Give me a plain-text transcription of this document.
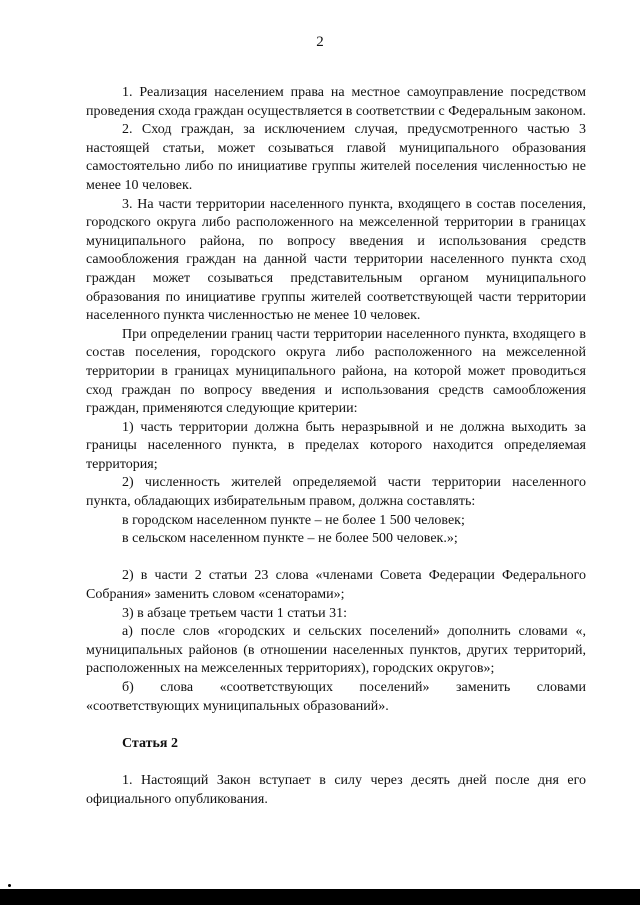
2

1. Реализация населением права на местное самоуправление посредством проведения схода граждан осуществляется в соответствии с Федеральным законом.

2. Сход граждан, за исключением случая, предусмотренного частью 3 настоящей статьи, может созываться главой муниципального образования самостоятельно либо по инициативе группы жителей поселения численностью не менее 10 человек.

3. На части территории населенного пункта, входящего в состав поселения, городского округа либо расположенного на межселенной территории в границах муниципального района, по вопросу введения и использования средств самообложения граждан на данной части территории населенного пункта сход граждан может созываться представительным органом муниципального образования по инициативе группы жителей соответствующей части территории населенного пункта численностью не менее 10 человек.

При определении границ части территории населенного пункта, входящего в состав поселения, городского округа либо расположенного на межселенной территории в границах муниципального района, на которой может проводиться сход граждан по вопросу введения и использования средств самообложения граждан, применяются следующие критерии:

1) часть территории должна быть неразрывной и не должна выходить за границы населенного пункта, в пределах которого находится определяемая территория;

2) численность жителей определяемой части территории населенного пункта, обладающих избирательным правом, должна составлять:

в городском населенном пункте – не более 1 500 человек;

в сельском населенном пункте – не более 500 человек.»;

2) в части 2 статьи 23 слова «членами Совета Федерации Федерального Собрания» заменить словом «сенаторами»;

3) в абзаце третьем части 1 статьи 31:

а) после слов «городских и сельских поселений» дополнить словами «, муниципальных районов (в отношении населенных пунктов, других территорий, расположенных на межселенных территориях), городских округов»;

б) слова «соответствующих поселений» заменить словами «соответствующих муниципальных образований».

Статья 2

1. Настоящий Закон вступает в силу через десять дней после дня его официального опубликования.
